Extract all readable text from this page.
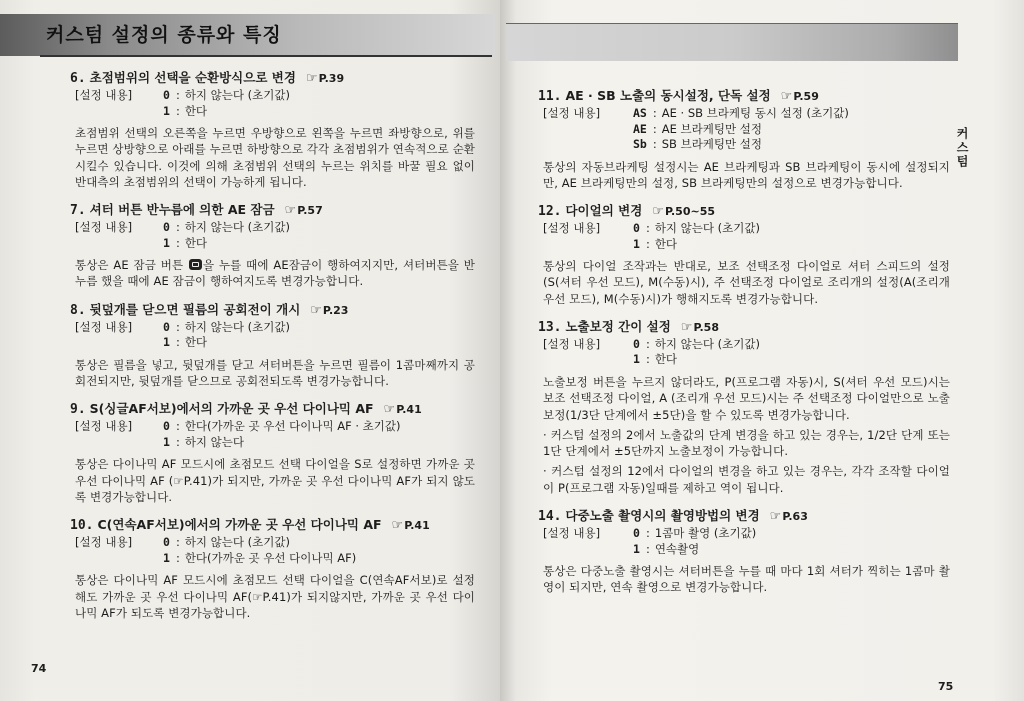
커스텀 설정의 종류와 특징
6. 초점범위의 선택을 순환방식으로 변경 ☞P.39
[설정 내용]	0 : 하지 않는다 (초기값)
1 : 한다

초점범위 선택의 오른쪽을 누르면 우방향으로 왼쪽을 누르면 좌방향으로, 위를 누르면 상방향으로 아래를 누르면 하방향으로 각각 초점범위가 연속적으로 순환시킬수 있습니다. 이것에 의해 초점범위 선택의 누르는 위치를 바꿀 필요 없이 반대측의 초점범위의 선택이 가능하게 됩니다.

7. 셔터 버튼 반누름에 의한 AE 잠금 ☞P.57
[설정 내용]	0 : 하지 않는다 (초기값)
1 : 한다

통상은 AE 잠금 버튼 을 누를 때에 AE잠금이 행하여지지만, 셔터버튼을 반누름 했을 때에 AE 잠금이 행하여지도록 변경가능합니다.

8. 뒷덮개를 닫으면 필름의 공회전이 개시 ☞P.23
[설정 내용]	0 : 하지 않는다 (초기값)
1 : 한다

통상은 필름을 넣고, 뒷덮개를 닫고 셔터버튼을 누르면 필름이 1콤마째까지 공회전되지만, 뒷덮개를 닫으므로 공회전되도록 변경가능합니다.

9. S(싱글AF서보)에서의 가까운 곳 우선 다이나믹 AF ☞P.41
[설정 내용]	0 : 한다(가까운 곳 우선 다이나믹 AF · 초기값)
1 : 하지 않는다

통상은 다이나믹 AF 모드시에 초점모드 선택 다이얼을 S로 설정하면 가까운 곳 우선 다이나믹 AF (☞P.41)가 되지만, 가까운 곳 우선 다이나믹 AF가 되지 않도록 변경가능합니다.

10. C(연속AF서보)에서의 가까운 곳 우선 다이나믹 AF ☞P.41
[설정 내용]	0 : 하지 않는다 (초기값)
1 : 한다(가까운 곳 우선 다이나믹 AF)

통상은 다이나믹 AF 모드시에 초점모드 선택 다이얼을 C(연속AF서보)로 설정해도 가까운 곳 우선 다이나믹 AF(☞P.41)가 되지않지만, 가까운 곳 우선 다이나믹 AF가 되도록 변경가능합니다.

74
커스텀
11. AE · SB 노출의 동시설정, 단독 설정 ☞P.59
[설정 내용]	AS : AE · SB 브라케팅 동시 설정 (초기값)
AE : AE 브라케팅만 설정
Sb : SB 브라케팅만 설정

통상의 자동브라케팅 설정시는 AE 브라케팅과 SB 브라케팅이 동시에 설정되지만, AE 브라케팅만의 설정, SB 브라케팅만의 설정으로 변경가능합니다.

12. 다이얼의 변경 ☞P.50~55
[설정 내용]	0 : 하지 않는다 (초기값)
1 : 한다

통상의 다이얼 조작과는 반대로, 보조 선택조정 다이얼로 셔터 스피드의 설정(S(셔터 우선 모드), M(수동)시), 주 선택조정 다이얼로 조리개의 설정(A(조리개 우선 모드), M(수동)시)가 행해지도록 변경가능합니다.

13. 노출보정 간이 설정 ☞P.58
[설정 내용]	0 : 하지 않는다 (초기값)
1 : 한다

노출보정 버튼을 누르지 않더라도, P(프로그램 자동)시, S(셔터 우선 모드)시는 보조 선택조정 다이얼, A (조리개 우선 모드)시는 주 선택조정 다이얼만으로 노출보정(1/3단 단계에서 ±5단)을 할 수 있도록 변경가능합니다.

· 커스텀 설정의 2에서 노출값의 단계 변경을 하고 있는 경우는, 1/2단 단계 또는 1단 단계에서 ±5단까지 노출보정이 가능합니다.

· 커스텀 설정의 12에서 다이얼의 변경을 하고 있는 경우는, 각각 조작할 다이얼이 P(프로그램 자동)일때를 제하고 역이 됩니다.

14. 다중노출 촬영시의 촬영방법의 변경 ☞P.63
[설정 내용]	0 : 1콤마 촬영 (초기값)
1 : 연속촬영

통상은 다중노출 촬영시는 셔터버튼을 누를 때 마다 1회 셔터가 찍히는 1콤마 촬영이 되지만, 연속 촬영으로 변경가능합니다.

75
